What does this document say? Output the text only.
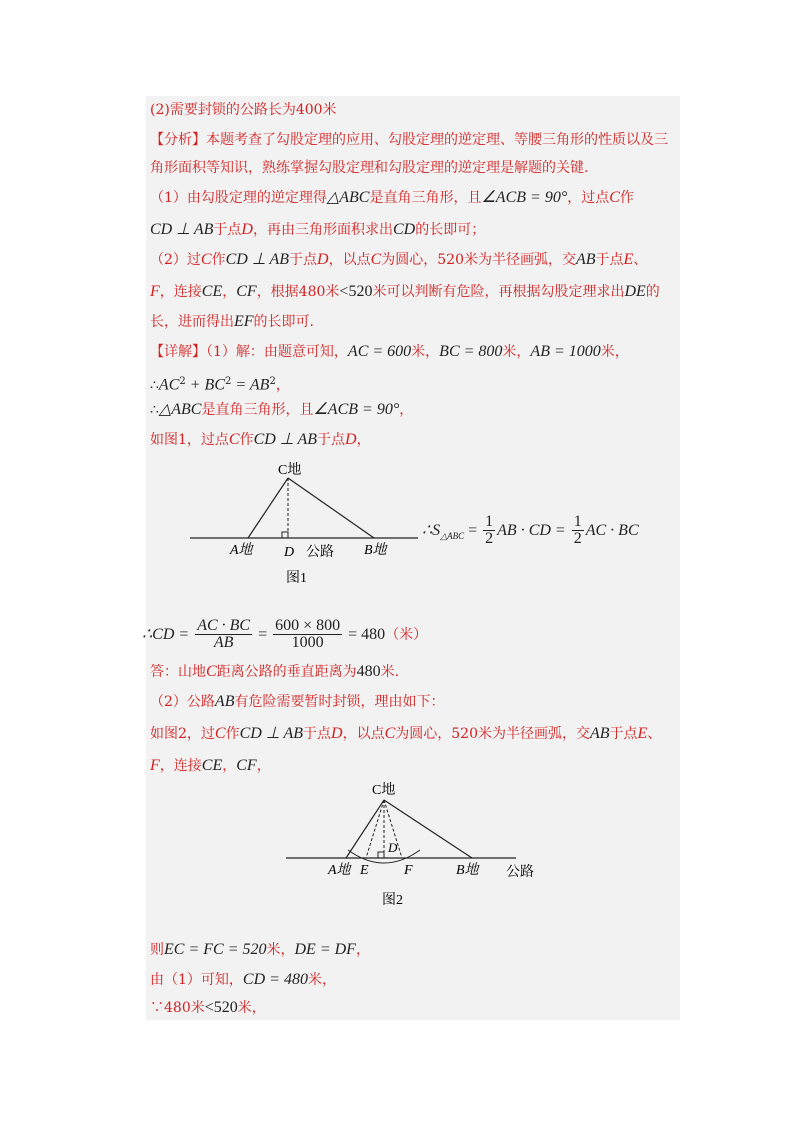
(2)需要封锁的公路长为400米
【分析】本题考查了勾股定理的应用、勾股定理的逆定理、等腰三角形的性质以及三
角形面积等知识，熟练掌握勾股定理和勾股定理的逆定理是解题的关键.
（1）由勾股定理的逆定理得△ABC是直角三角形，且∠ACB = 90°，过点C作
CD ⊥ AB于点D，再由三角形面积求出CD的长即可；
（2）过C作CD ⊥ AB于点D，以点C为圆心，520米为半径画弧，交AB于点E、
F，连接CE，CF，根据480米<520米可以判断有危险，再根据勾股定理求出DE的
长，进而得出EF的长即可.
【详解】（1）解：由题意可知，AC = 600米，BC = 800米，AB = 1000米，
$\therefore AC^2 + BC^2 = AB^2$，
∴△ABC是直角三角形，且∠ACB = 90°，
如图1，过点C作CD ⊥ AB于点D，
C地
A地 D 公路 B地
图1
$\therefore S_{\triangle ABC} = \frac{1}{2}$ AB · CD = $\frac{1}{2}$ AC · BC
∴CD = $\frac{AC \cdot BC}{AB} = \frac{600 \times 800}{1000} = 480$（米）
答：山地C距离公路的垂直距离为480米.
（2）公路AB有危险需要暂时封锁，理由如下：
如图2，过C作CD ⊥ AB于点D，以点C为圆心，520米为半径画弧，交AB于点E、
F，连接CE，CF，
C地
D
A地 E	F	B地 公路
图2
则EC = FC = 520米，DE = DF，
由（1）可知，CD = 480米，
∵480米<520米，
